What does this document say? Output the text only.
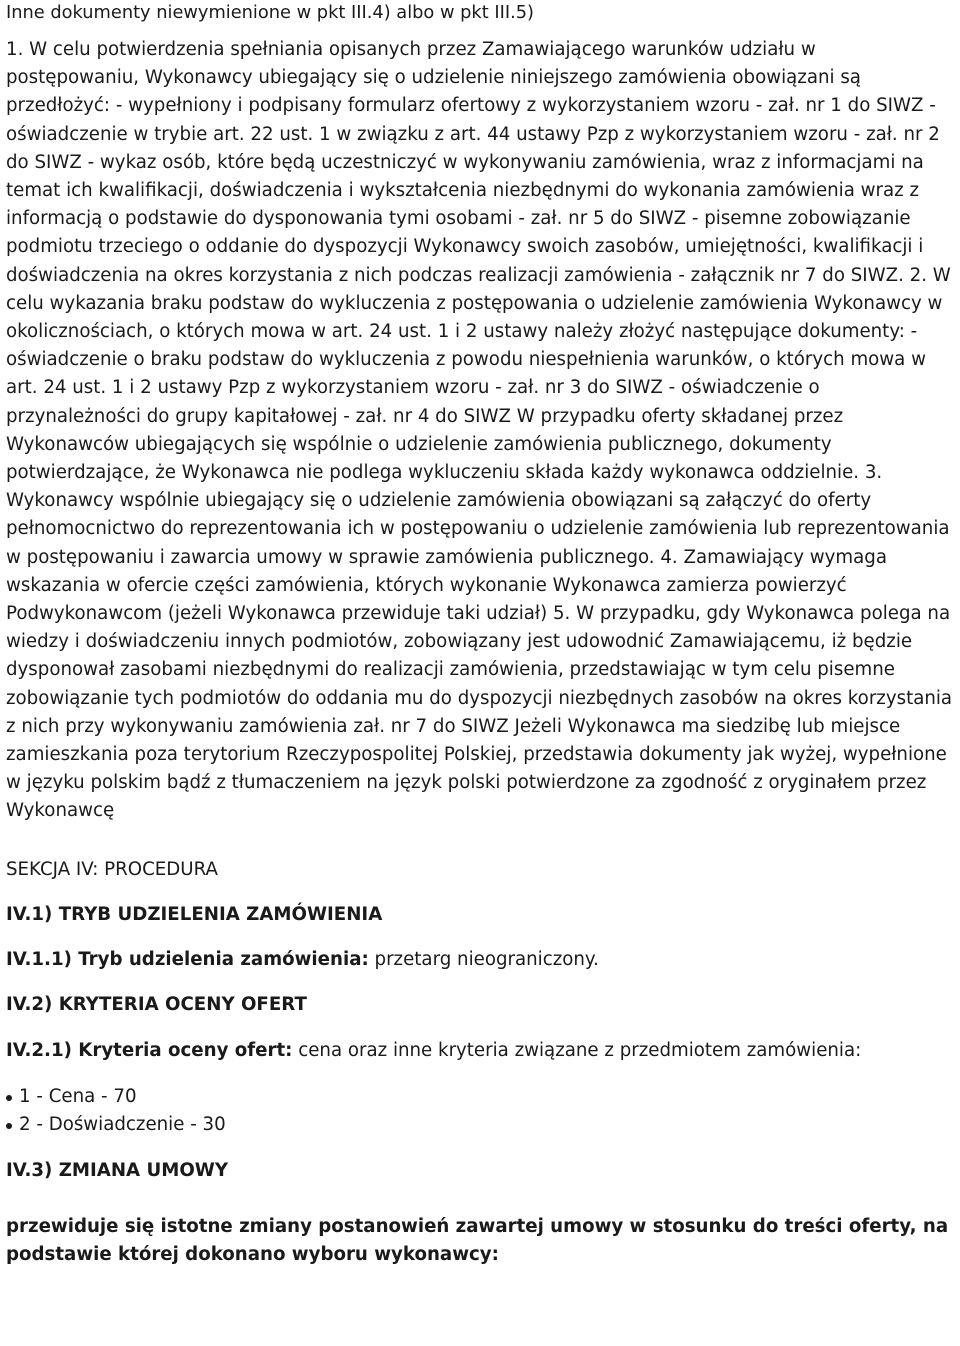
Inne dokumenty niewymienione w pkt III.4) albo w pkt III.5)

1. W celu potwierdzenia spełniania opisanych przez Zamawiającego warunków udziału w postępowaniu, Wykonawcy ubiegający się o udzielenie niniejszego zamówienia obowiązani są przedłożyć: - wypełniony i podpisany formularz ofertowy z wykorzystaniem wzoru - zał. nr 1 do SIWZ - oświadczenie w trybie art. 22 ust. 1 w związku z art. 44 ustawy Pzp z wykorzystaniem wzoru - zał. nr 2 do SIWZ - wykaz osób, które będą uczestniczyć w wykonywaniu zamówienia, wraz z informacjami na temat ich kwalifikacji, doświadczenia i wykształcenia niezbędnymi do wykonania zamówienia wraz z informacją o podstawie do dysponowania tymi osobami - zał. nr 5 do SIWZ - pisemne zobowiązanie podmiotu trzeciego o oddanie do dyspozycji Wykonawcy swoich zasobów, umiejętności, kwalifikacji i doświadczenia na okres korzystania z nich podczas realizacji zamówienia - załącznik nr 7 do SIWZ. 2. W celu wykazania braku podstaw do wykluczenia z postępowania o udzielenie zamówienia Wykonawcy w okolicznościach, o których mowa w art. 24 ust. 1 i 2 ustawy należy złożyć następujące dokumenty: - oświadczenie o braku podstaw do wykluczenia z powodu niespełnienia warunków, o których mowa w art. 24 ust. 1 i 2 ustawy Pzp z wykorzystaniem wzoru - zał. nr 3 do SIWZ - oświadczenie o przynależności do grupy kapitałowej - zał. nr 4 do SIWZ W przypadku oferty składanej przez Wykonawców ubiegających się wspólnie o udzielenie zamówienia publicznego, dokumenty potwierdzające, że Wykonawca nie podlega wykluczeniu składa każdy wykonawca oddzielnie. 3. Wykonawcy wspólnie ubiegający się o udzielenie zamówienia obowiązani są załączyć do oferty pełnomocnictwo do reprezentowania ich w postępowaniu o udzielenie zamówienia lub reprezentowania w postępowaniu i zawarcia umowy w sprawie zamówienia publicznego. 4. Zamawiający wymaga wskazania w ofercie części zamówienia, których wykonanie Wykonawca zamierza powierzyć Podwykonawcom (jeżeli Wykonawca przewiduje taki udział) 5. W przypadku, gdy Wykonawca polega na wiedzy i doświadczeniu innych podmiotów, zobowiązany jest udowodnić Zamawiającemu, iż będzie dysponował zasobami niezbędnymi do realizacji zamówienia, przedstawiając w tym celu pisemne zobowiązanie tych podmiotów do oddania mu do dyspozycji niezbędnych zasobów na okres korzystania z nich przy wykonywaniu zamówienia zał. nr 7 do SIWZ Jeżeli Wykonawca ma siedzibę lub miejsce zamieszkania poza terytorium Rzeczypospolitej Polskiej, przedstawia dokumenty jak wyżej, wypełnione w języku polskim bądź z tłumaczeniem na język polski potwierdzone za zgodność z oryginałem przez Wykonawcę

SEKCJA IV: PROCEDURA

IV.1) TRYB UDZIELENIA ZAMÓWIENIA

IV.1.1) Tryb udzielenia zamówienia: przetarg nieograniczony.

IV.2) KRYTERIA OCENY OFERT

IV.2.1) Kryteria oceny ofert: cena oraz inne kryteria związane z przedmiotem zamówienia:

1 - Cena - 70
2 - Doświadczenie - 30

IV.3) ZMIANA UMOWY

przewiduje się istotne zmiany postanowień zawartej umowy w stosunku do treści oferty, na podstawie której dokonano wyboru wykonawcy:
